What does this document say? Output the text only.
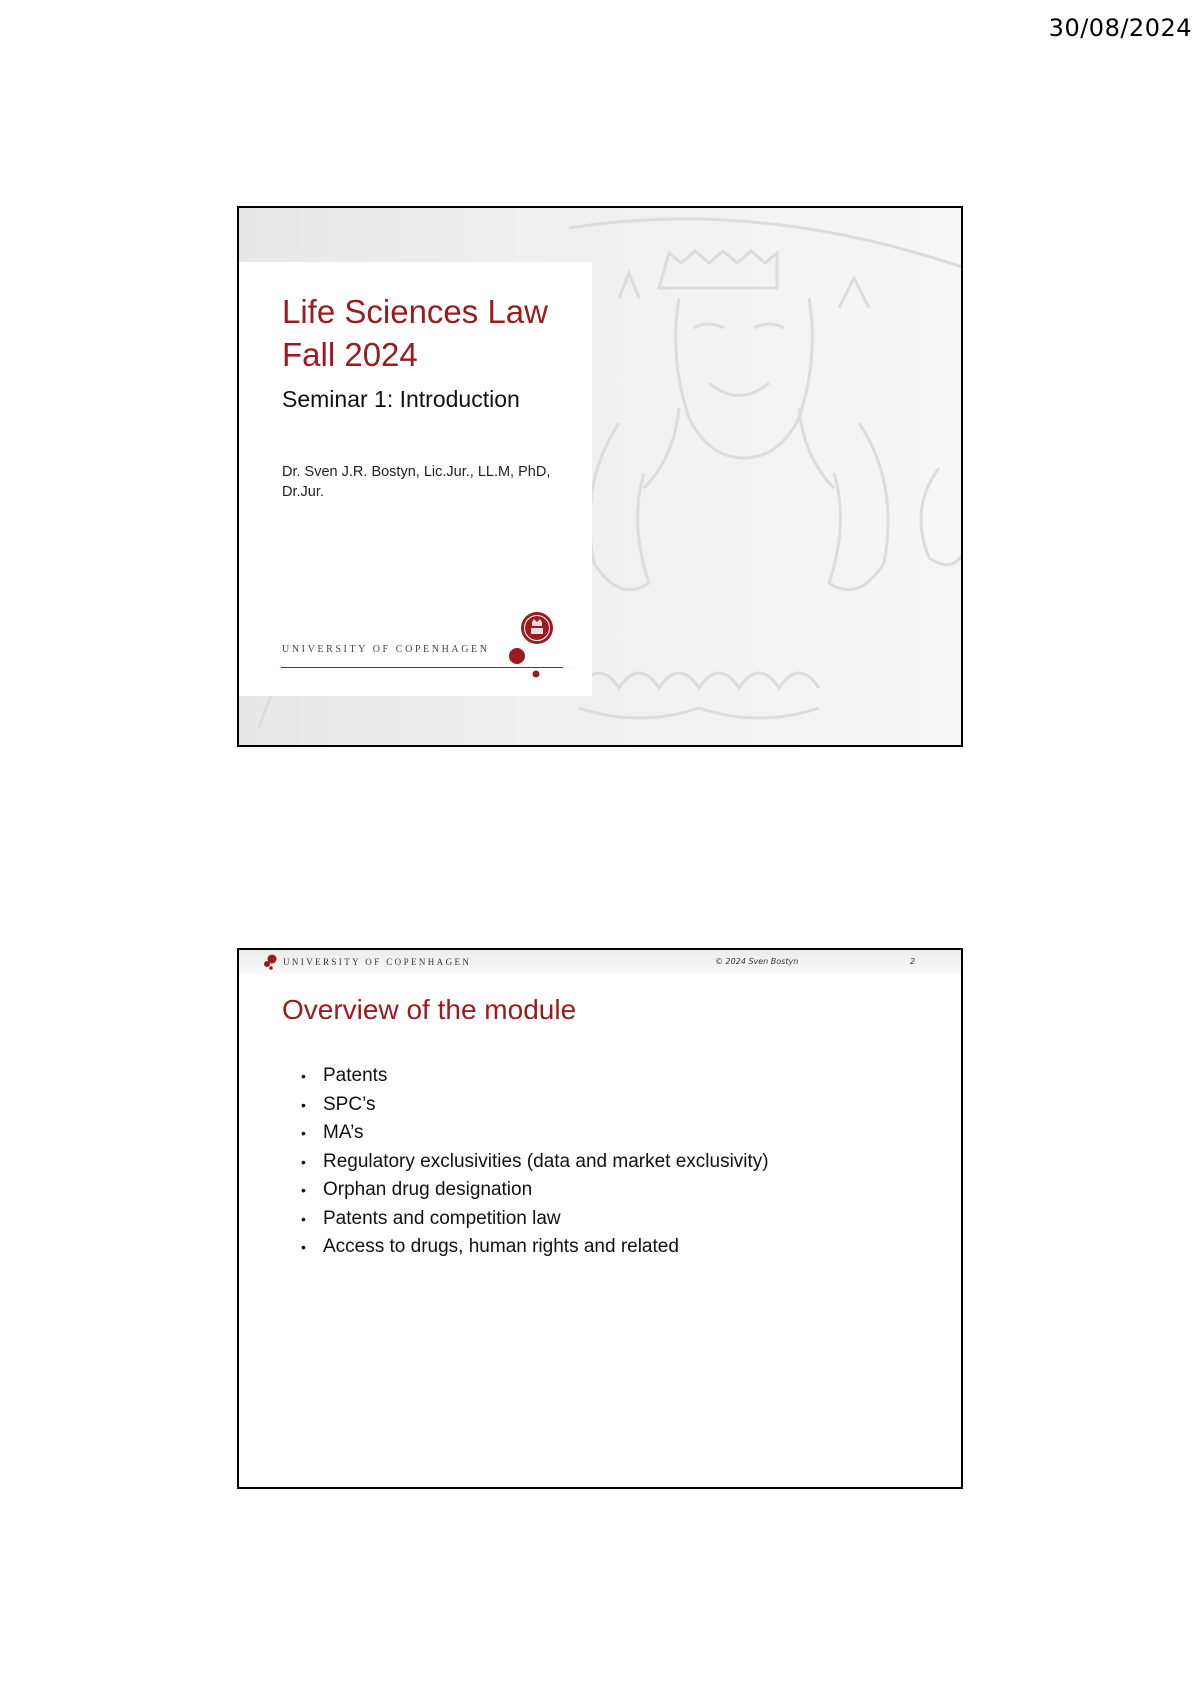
30/08/2024
Life Sciences Law
Fall 2024
Seminar 1: Introduction
Dr. Sven J.R. Bostyn, Lic.Jur., LL.M, PhD, Dr.Jur.
UNIVERSITY OF COPENHAGEN
UNIVERSITY OF COPENHAGEN	© 2024 Sven Bostyn	2
Overview of the module
• Patents
• SPC’s
• MA’s
• Regulatory exclusivities (data and market exclusivity)
• Orphan drug designation
• Patents and competition law
• Access to drugs, human rights and related
